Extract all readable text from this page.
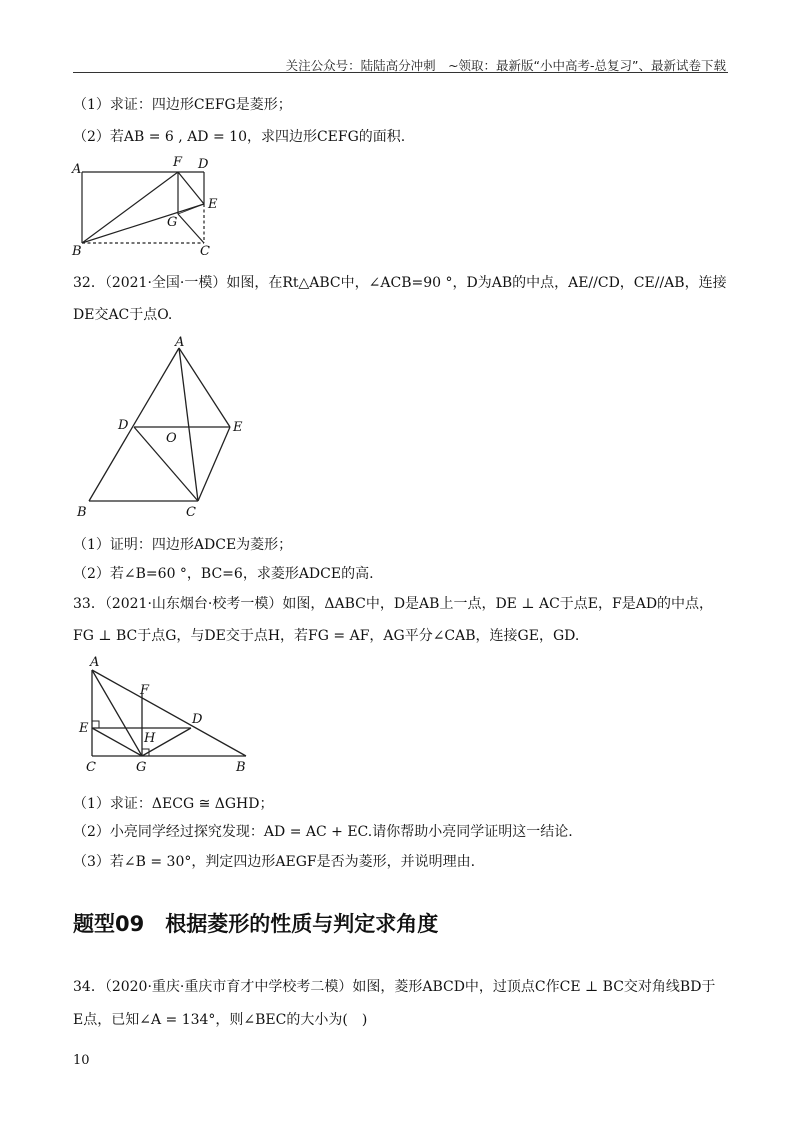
关注公众号：陆陆高分冲刺　~领取：最新版“小中高考-总复习”、最新试卷下载
（1）求证：四边形CEFG是菱形；
（2）若AB = 6 , AD = 10，求四边形CEFG的面积.
A	F D
E
G
B	C
32．（2021·全国·一模）如图，在Rt△ABC中，∠ACB=90 °，D为AB的中点，AE//CD，CE//AB，连接
DE交AC于点O.
A
D
O
E
B	C
（1）证明：四边形ADCE为菱形；
（2）若∠B=60 °，BC=6，求菱形ADCE的高.
33．（2021·山东烟台·校考一模）如图，ΔABC中，D是AB上一点，DE ⊥ AC于点E，F是AD的中点，
FG ⊥ BC于点G，与DE交于点H，若FG = AF，AG平分∠CAB，连接GE，GD.
A
F
E
D
H
C	G	B
（1）求证：ΔECG ≅ ΔGHD；
（2）小亮同学经过探究发现：AD = AC + EC.请你帮助小亮同学证明这一结论.
（3）若∠B = 30°，判定四边形AEGF是否为菱形，并说明理由.
题型09　根据菱形的性质与判定求角度
34．（2020·重庆·重庆市育才中学校考二模）如图，菱形ABCD中，过顶点C作CE ⊥ BC交对角线BD于
E点，已知∠A = 134°，则∠BEC的大小为(　)
10
